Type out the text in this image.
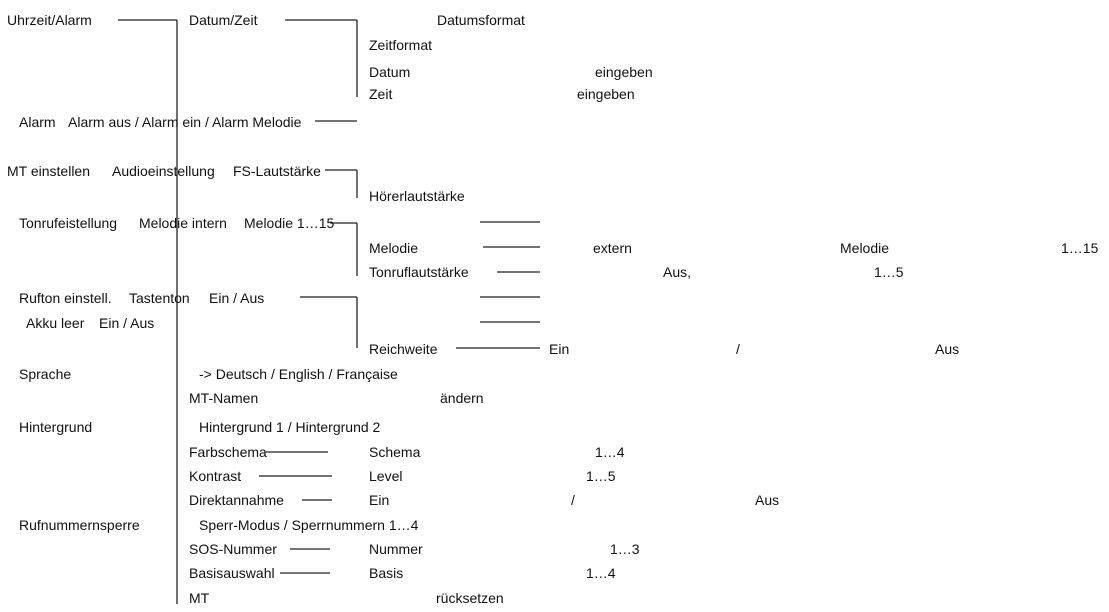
Uhrzeit/Alarm	Datum/Zeit	Datumsformat
Zeitformat
Datum	eingeben
Zeit	eingeben
Alarm Alarm aus / Alarm ein / Alarm Melodie
MT einstellen Audioeinstellung FS-Lautstärke
Hörerlautstärke
Tonrufeistellung Melodie intern Melodie 1…15
Melodie	extern	Melodie	1…15
Tonruflautstärke	Aus,	1…5
Rufton einstell. Tastenton Ein / Aus
Akku leer Ein / Aus
Reichweite	Ein	/	Aus
Sprache	-> Deutsch / English / Française
MT-Namen	ändern
Hintergrund	Hintergrund 1 / Hintergrund 2
Farbschema	Schema	1…4
Kontrast	Level	1…5
Direktannahme	Ein	/	Aus
Rufnummernsperre	Sperr-Modus / Sperrnummern 1…4
SOS-Nummer	Nummer	1…3
Basisauswahl	Basis	1…4
MT	rücksetzen
